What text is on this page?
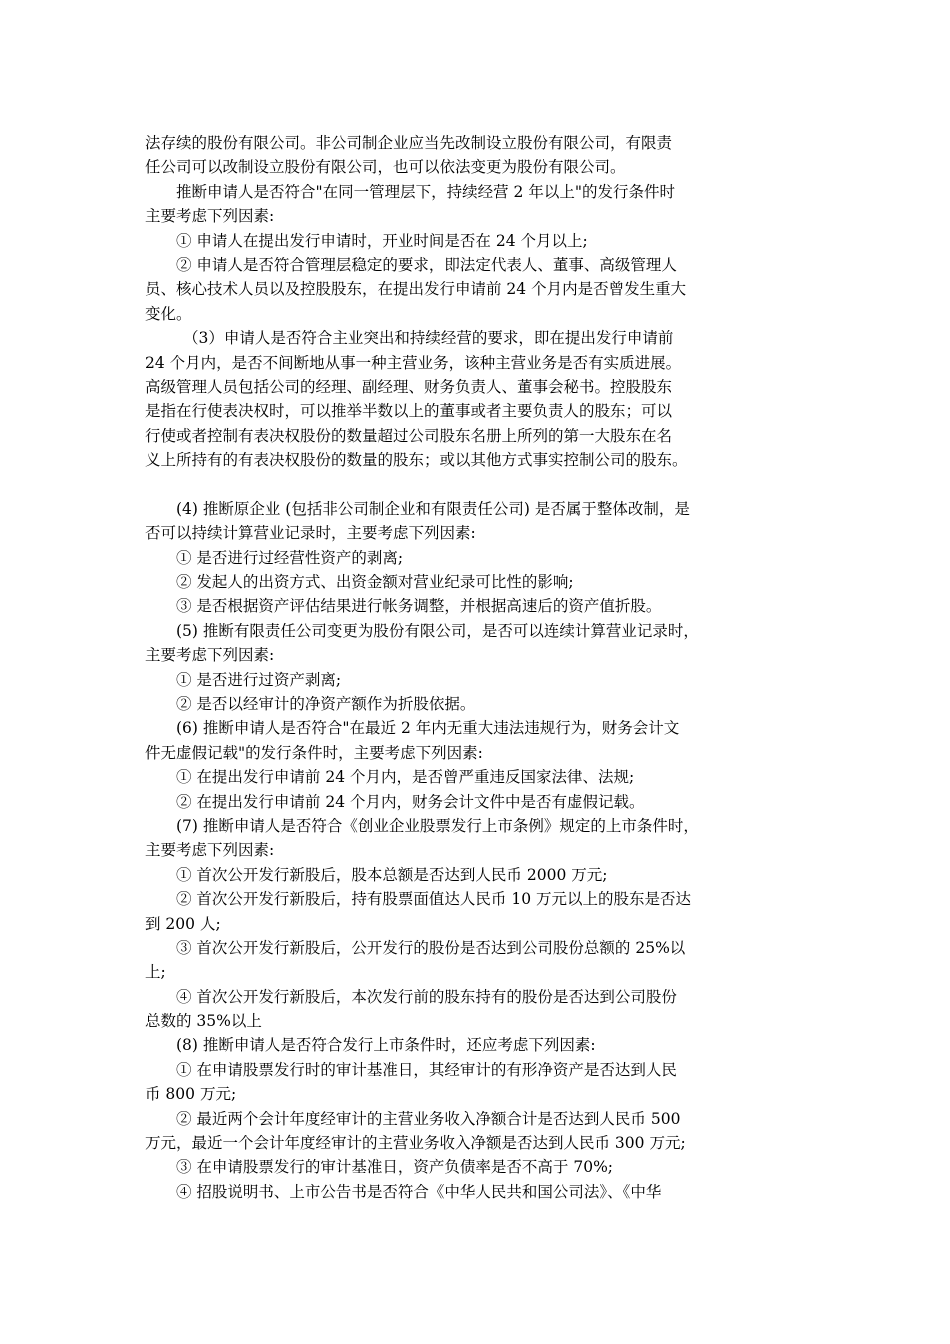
法存续的股份有限公司。非公司制企业应当先改制设立股份有限公司，有限责
任公司可以改制设立股份有限公司，也可以依法变更为股份有限公司。
推断申请人是否符合"在同一管理层下，持续经营 2 年以上"的发行条件时
主要考虑下列因素:
① 申请人在提出发行申请时，开业时间是否在 24 个月以上;
② 申请人是否符合管理层稳定的要求，即法定代表人、董事、高级管理人
员、核心技术人员以及控股股东，在提出发行申请前 24 个月内是否曾发生重大
变化。
（3）申请人是否符合主业突出和持续经营的要求，即在提出发行申请前
24 个月内，是否不间断地从事一种主营业务，该种主营业务是否有实质进展。
高级管理人员包括公司的经理、副经理、财务负责人、董事会秘书。控股股东
是指在行使表决权时，可以推举半数以上的董事或者主要负责人的股东；可以
行使或者控制有表决权股份的数量超过公司股东名册上所列的第一大股东在名
义上所持有的有表决权股份的数量的股东；或以其他方式事实控制公司的股东。
(4) 推断原企业 (包括非公司制企业和有限责任公司) 是否属于整体改制，是
否可以持续计算营业记录时，主要考虑下列因素:
① 是否进行过经营性资产的剥离;
② 发起人的出资方式、出资金额对营业纪录可比性的影响;
③ 是否根据资产评估结果进行帐务调整，并根据高速后的资产值折股。
(5) 推断有限责任公司变更为股份有限公司，是否可以连续计算营业记录时，
主要考虑下列因素:
① 是否进行过资产剥离;
② 是否以经审计的净资产额作为折股依据。
(6) 推断申请人是否符合"在最近 2 年内无重大违法违规行为，财务会计文
件无虚假记载"的发行条件时，主要考虑下列因素:
① 在提出发行申请前 24 个月内，是否曾严重违反国家法律、法规;
② 在提出发行申请前 24 个月内，财务会计文件中是否有虚假记载。
(7) 推断申请人是否符合《创业企业股票发行上市条例》规定的上市条件时，
主要考虑下列因素:
① 首次公开发行新股后，股本总额是否达到人民币 2000 万元;
② 首次公开发行新股后，持有股票面值达人民币 10 万元以上的股东是否达
到 200 人;
③ 首次公开发行新股后，公开发行的股份是否达到公司股份总额的 25%以
上;
④ 首次公开发行新股后，本次发行前的股东持有的股份是否达到公司股份
总数的 35%以上
(8) 推断申请人是否符合发行上市条件时，还应考虑下列因素:
① 在申请股票发行时的审计基准日，其经审计的有形净资产是否达到人民
币 800 万元;
② 最近两个会计年度经审计的主营业务收入净额合计是否达到人民币 500
万元，最近一个会计年度经审计的主营业务收入净额是否达到人民币 300 万元;
③ 在申请股票发行的审计基准日，资产负债率是否不高于 70%;
④ 招股说明书、上市公告书是否符合《中华人民共和国公司法》、《中华
